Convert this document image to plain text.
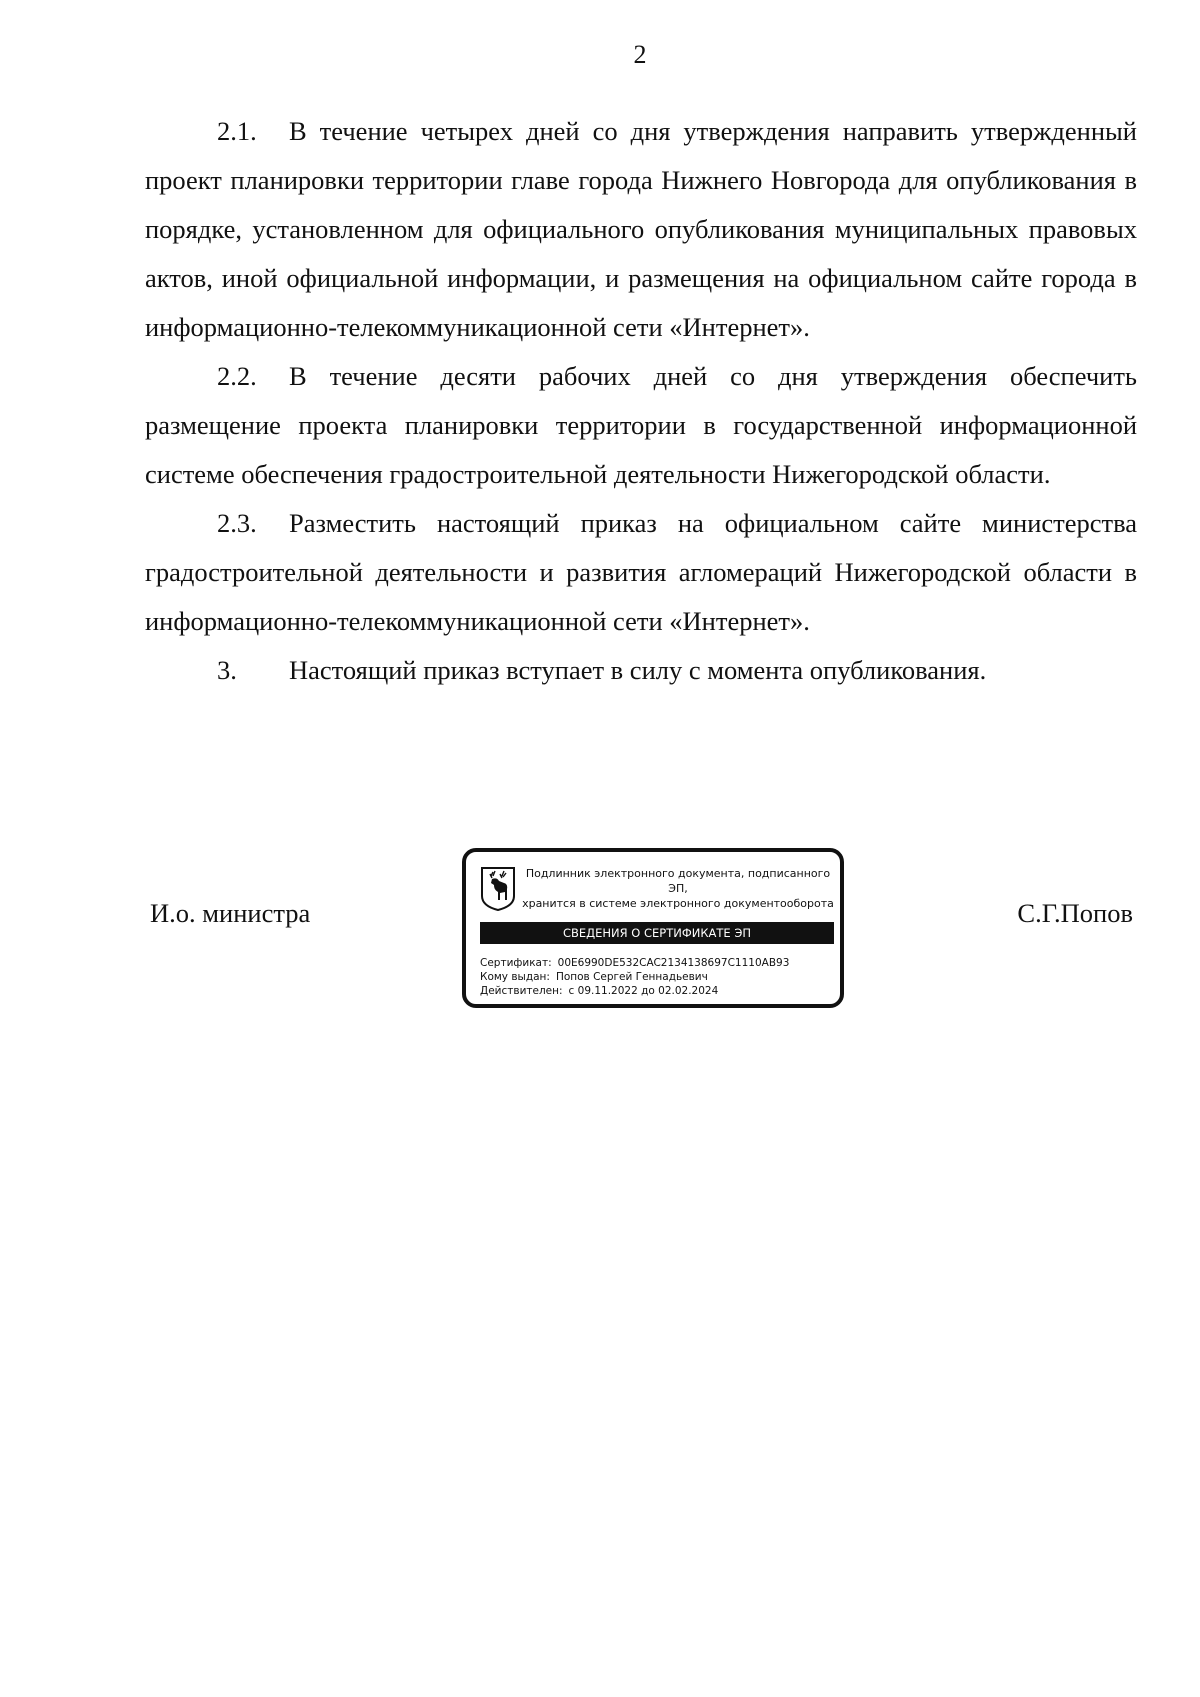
2

2.1. В течение четырех дней со дня утверждения направить утвержденный проект планировки территории главе города Нижнего Новгорода для опубликования в порядке, установленном для официального опубликования муниципальных правовых актов, иной официальной информации, и размещения на официальном сайте города в информационно-телекоммуникационной сети «Интернет».

2.2. В течение десяти рабочих дней со дня утверждения обеспечить размещение проекта планировки территории в государственной информационной системе обеспечения градостроительной деятельности Нижегородской области.

2.3. Разместить настоящий приказ на официальном сайте министерства градостроительной деятельности и развития агломераций Нижегородской области в информационно-телекоммуникационной сети «Интернет».

3. Настоящий приказ вступает в силу с момента опубликования.

И.о. министра
Подлинник электронного документа, подписанного ЭП,
хранится в системе электронного документооборота
СВЕДЕНИЯ О СЕРТИФИКАТЕ ЭП
Сертификат: 00E6990DE532CAC2134138697C1110AB93
Кому выдан: Попов Сергей Геннадьевич
Действителен: с 09.11.2022 до 02.02.2024
С.Г.Попов
